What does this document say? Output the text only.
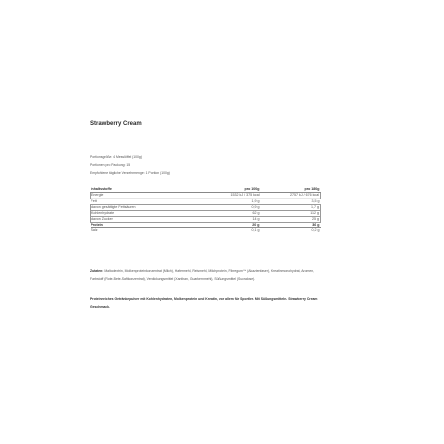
Strawberry Cream
Portionsgröße: 4 Messlöffel (100g)
Portionen pro Packung: 15
Empfohlene tägliche Verzehrmenge: 1 Portion (100g)
Inhaltsstoffe	pro 100g	pro 180g
Energie	1532 kJ / 375 kcal	2757 kJ / 676 kcal
Fett	1,9 g	3,5 g
davon gesättigte Fettsäuren	0,9 g	1,7 g
Kohlenhydrate	62 g	112 g
davon Zucker	14 g	25 g
Protein	20 g	36 g
Salz	0,1 g	0,2 g
Zutaten: Maltodextrin, Molkenproteinkonzentrat (Milch), Hafermehl, Reismehl, Milchprotein, Fibregum™ (Akazienfaser), Kreatinmonohydrat, Aromen, Farbstoff (Rote-Bete-Saftkonzentrat), Verdickungsmittel (Xanthan, Guarkernmehl), Süßungsmittel (Sucralose).
Proteinreiches Getränkepulver mit Kohlenhydraten, Molkenprotein und Kreatin, vor allem für Sportler. Mit Süßungsmitteln. Strawberry Cream Geschmack.
